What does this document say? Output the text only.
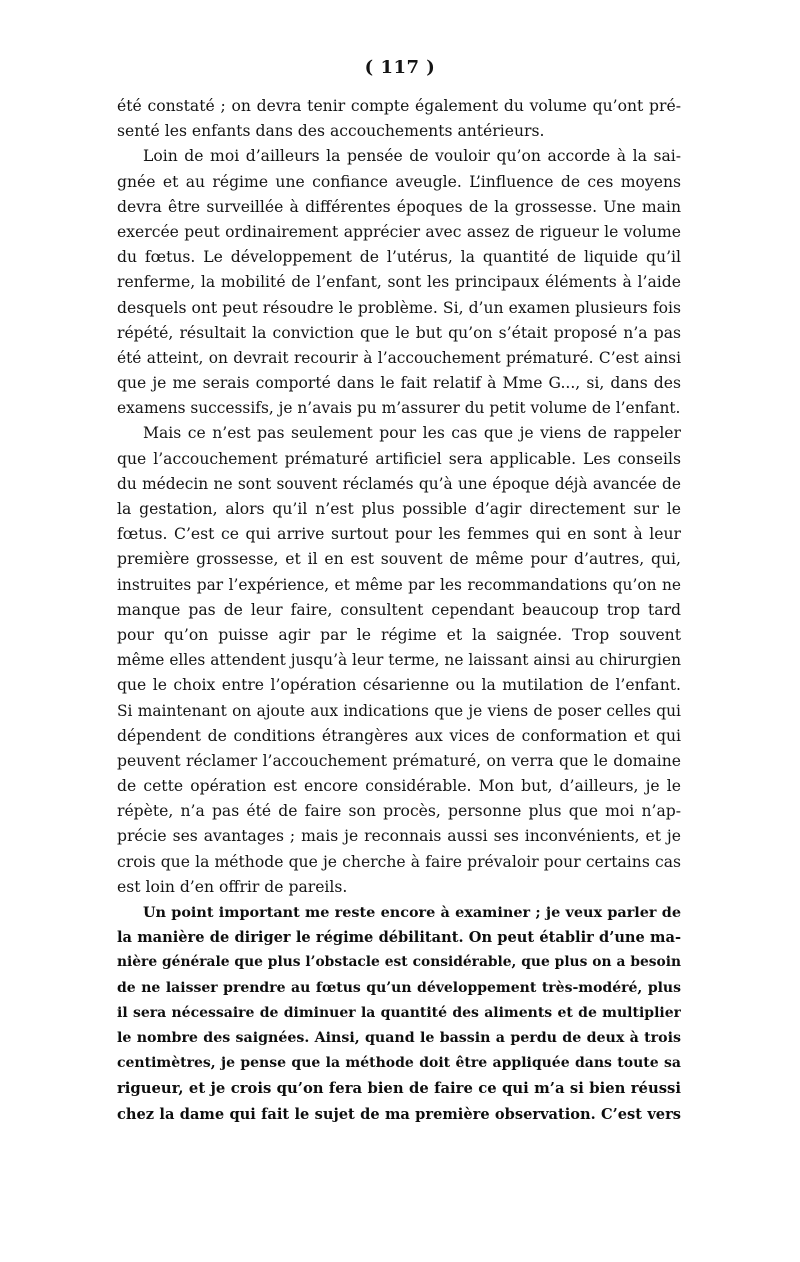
( 117 )
été constaté ; on devra tenir compte également du volume qu’ont pré-
senté les enfants dans des accouchements antérieurs.
Loin de moi d’ailleurs la pensée de vouloir qu’on accorde à la sai-
gnée et au régime une confiance aveugle. L’influence de ces moyens
devra être surveillée à différentes époques de la grossesse. Une main
exercée peut ordinairement apprécier avec assez de rigueur le volume
du fœtus. Le développement de l’utérus, la quantité de liquide qu’il
renferme, la mobilité de l’enfant, sont les principaux éléments à l’aide
desquels ont peut résoudre le problème. Si, d’un examen plusieurs fois
répété, résultait la conviction que le but qu’on s’était proposé n’a pas
été atteint, on devrait recourir à l’accouchement prématuré. C’est ainsi
que je me serais comporté dans le fait relatif à Mme G..., si, dans des
examens successifs, je n’avais pu m’assurer du petit volume de l’enfant.
Mais ce n’est pas seulement pour les cas que je viens de rappeler
que l’accouchement prématuré artificiel sera applicable. Les conseils
du médecin ne sont souvent réclamés qu’à une époque déjà avancée de
la gestation, alors qu’il n’est plus possible d’agir directement sur le
fœtus. C’est ce qui arrive surtout pour les femmes qui en sont à leur
première grossesse, et il en est souvent de même pour d’autres, qui,
instruites par l’expérience, et même par les recommandations qu’on ne
manque pas de leur faire, consultent cependant beaucoup trop tard
pour qu’on puisse agir par le régime et la saignée. Trop souvent
même elles attendent jusqu’à leur terme, ne laissant ainsi au chirurgien
que le choix entre l’opération césarienne ou la mutilation de l’enfant.
Si maintenant on ajoute aux indications que je viens de poser celles qui
dépendent de conditions étrangères aux vices de conformation et qui
peuvent réclamer l’accouchement prématuré, on verra que le domaine
de cette opération est encore considérable. Mon but, d’ailleurs, je le
répète, n’a pas été de faire son procès, personne plus que moi n’ap-
précie ses avantages ; mais je reconnais aussi ses inconvénients, et je
crois que la méthode que je cherche à faire prévaloir pour certains cas
est loin d’en offrir de pareils.
Un point important me reste encore à examiner ; je veux parler de
la manière de diriger le régime débilitant. On peut établir d’une ma-
nière générale que plus l’obstacle est considérable, que plus on a besoin
de ne laisser prendre au fœtus qu’un développement très-modéré, plus
il sera nécessaire de diminuer la quantité des aliments et de multiplier
le nombre des saignées. Ainsi, quand le bassin a perdu de deux à trois
centimètres, je pense que la méthode doit être appliquée dans toute sa
rigueur, et je crois qu’on fera bien de faire ce qui m’a si bien réussi
chez la dame qui fait le sujet de ma première observation. C’est vers
